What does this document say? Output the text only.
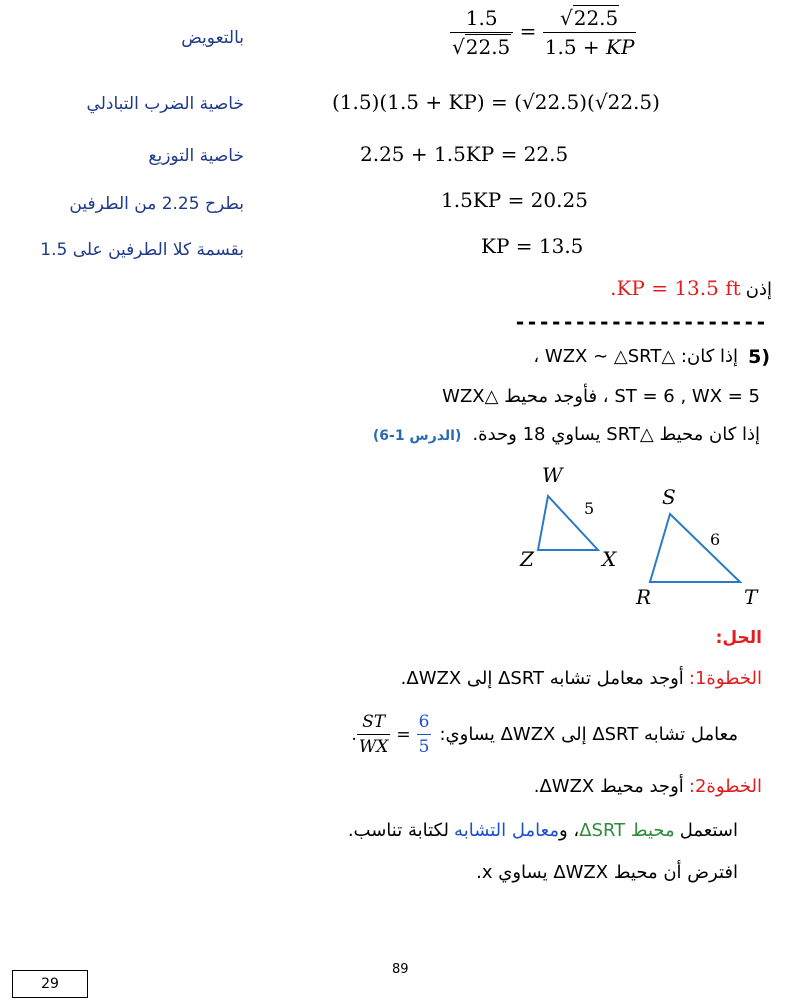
بالتعويض	$\frac{1.5}{√22.5} = \frac{√22.5}{1.5 + KP}$
خاصية الضرب التبادلي	(1.5)(1.5 + KP) = (√22.5)(√22.5)
خاصية التوزيع	2.25 + 1.5KP = 22.5
بطرح 2.25 من الطرفين	1.5KP = 20.25
بقسمة كلا الطرفين على 1.5	KP = 13.5
.KP = 13.5 ft إذن
---------------------
5)
إذا كان: △WZX ∼ △SRT ،
ST = 6 , WX = 5 ، فأوجد محيط △WZX
إذا كان محيط △SRT يساوي 18 وحدة. (الدرس 1-6)
W
5
Z	X
S
6
R	T
الحل:
الخطوة1: أوجد معامل تشابه ΔSRT إلى ΔWZX.
معامل تشابه ΔSRT إلى ΔWZX يساوي:
. $\frac{ST}{WX} = \frac{6}{5}$
الخطوة2: أوجد محيط ΔWZX.
استعمل محيط ΔSRT، ومعامل التشابه لكتابة تناسب.
افترض أن محيط ΔWZX يساوي x.
89
29
